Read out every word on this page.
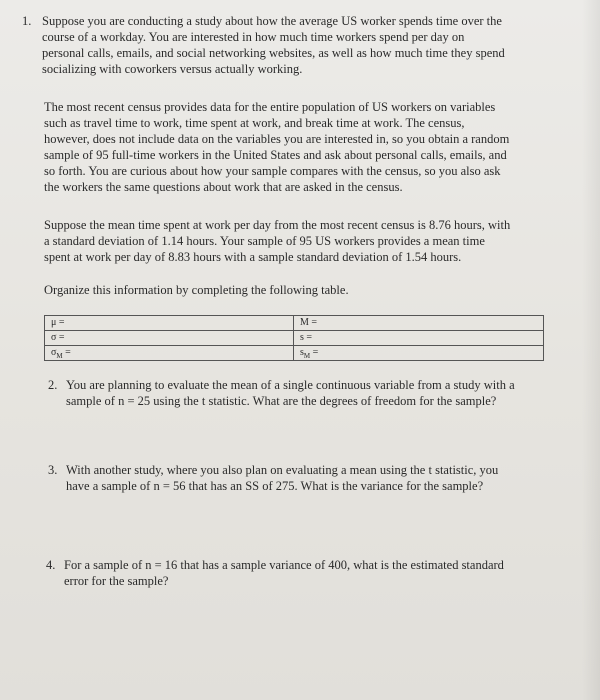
1. Suppose you are conducting a study about how the average US worker spends time over the
course of a workday. You are interested in how much time workers spend per day on
personal calls, emails, and social networking websites, as well as how much time they spend
socializing with coworkers versus actually working.
The most recent census provides data for the entire population of US workers on variables
such as travel time to work, time spent at work, and break time at work. The census,
however, does not include data on the variables you are interested in, so you obtain a random
sample of 95 full-time workers in the United States and ask about personal calls, emails, and
so forth. You are curious about how your sample compares with the census, so you also ask
the workers the same questions about work that are asked in the census.
Suppose the mean time spent at work per day from the most recent census is 8.76 hours, with
a standard deviation of 1.14 hours. Your sample of 95 US workers provides a mean time
spent at work per day of 8.83 hours with a sample standard deviation of 1.54 hours.
Organize this information by completing the following table.
μ =	M =
σ =	s =
$\sigma_M$ =	$s_M$ =
2. You are planning to evaluate the mean of a single continuous variable from a study with a
sample of n = 25 using the t statistic. What are the degrees of freedom for the sample?
3. With another study, where you also plan on evaluating a mean using the t statistic, you
have a sample of n = 56 that has an SS of 275. What is the variance for the sample?
4. For a sample of n = 16 that has a sample variance of 400, what is the estimated standard
error for the sample?
